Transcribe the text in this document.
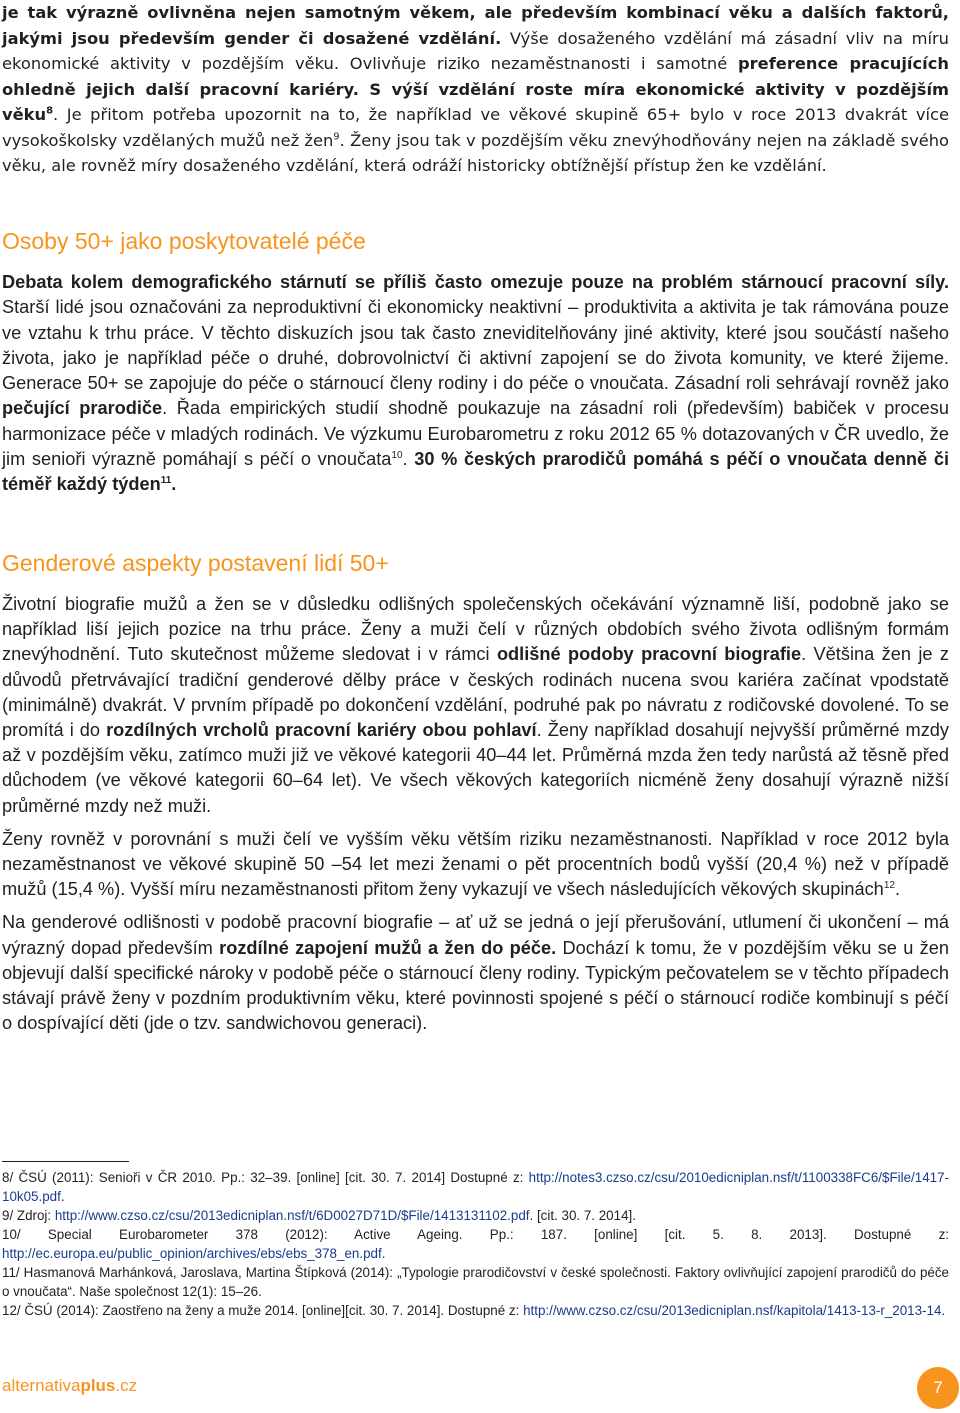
je tak výrazně ovlivněna nejen samotným věkem, ale především kombinací věku a dalších faktorů, jakými jsou především gender či dosažené vzdělání. Výše dosaženého vzdělání má zásadní vliv na míru ekonomické aktivity v pozdějším věku. Ovlivňuje riziko nezaměstnanosti i samotné preference pracujících ohledně jejich další pracovní kariéry. S výší vzdělání roste míra ekonomické aktivity v pozdějším věku$^8$. Je přitom potřeba upozornit na to, že například ve věkové skupině 65+ bylo v roce 2013 dvakrát více vysokoškolsky vzdělaných mužů než žen$^9$. Ženy jsou tak v pozdějším věku znevýhodňovány nejen na základě svého věku, ale rovněž míry dosaženého vzdělání, která odráží historicky obtížnější přístup žen ke vzdělání.

Osoby 50+ jako poskytovatelé péče

Debata kolem demografického stárnutí se příliš často omezuje pouze na problém stárnoucí pracovní síly. Starší lidé jsou označováni za neproduktivní či ekonomicky neaktivní – produktivita a aktivita je tak rámována pouze ve vztahu k trhu práce. V těchto diskuzích jsou tak často zneviditelňovány jiné aktivity, které jsou součástí našeho života, jako je například péče o druhé, dobrovolnictví či aktivní zapojení se do života komunity, ve které žijeme. Generace 50+ se zapojuje do péče o stárnoucí členy rodiny i do péče o vnoučata. Zásadní roli sehrávají rovněž jako pečující prarodiče. Řada empirických studií shodně poukazuje na zásadní roli (především) babiček v procesu harmonizace péče v mladých rodinách. Ve výzkumu Eurobarometru z roku 2012 65 % dotazovaných v ČR uvedlo, že jim senioři výrazně pomáhají s péčí o vnoučata$^{10}$. 30 % českých prarodičů pomáhá s péčí o vnoučata denně či téměř každý týden$^{11}$.

Genderové aspekty postavení lidí 50+

Životní biografie mužů a žen se v důsledku odlišných společenských očekávání významně liší, podobně jako se například liší jejich pozice na trhu práce. Ženy a muži čelí v různých obdobích svého života odlišným formám znevýhodnění. Tuto skutečnost můžeme sledovat i v rámci odlišné podoby pracovní biografie. Většina žen je z důvodů přetrvávající tradiční genderové dělby práce v českých rodinách nucena svou kariéra začínat vpodstatě (minimálně) dvakrát. V prvním případě po dokončení vzdělání, podruhé pak po návratu z rodičovské dovolené. To se promítá i do rozdílných vrcholů pracovní kariéry obou pohlaví. Ženy například dosahují nejvyšší průměrné mzdy až v pozdějším věku, zatímco muži již ve věkové kategorii 40–44 let. Průměrná mzda žen tedy narůstá až těsně před důchodem (ve věkové kategorii 60–64 let). Ve všech věkových kategoriích nicméně ženy dosahují výrazně nižší průměrné mzdy než muži.

Ženy rovněž v porovnání s muži čelí ve vyšším věku větším riziku nezaměstnanosti. Například v roce 2012 byla nezaměstnanost ve věkové skupině 50 –54 let mezi ženami o pět procentních bodů vyšší (20,4 %) než v případě mužů (15,4 %). Vyšší míru nezaměstnanosti přitom ženy vykazují ve všech následujících věkových skupinách$^{12}$.

Na genderové odlišnosti v podobě pracovní biografie – ať už se jedná o její přerušování, utlumení či ukončení – má výrazný dopad především rozdílné zapojení mužů a žen do péče. Dochází k tomu, že v pozdějším věku se u žen objevují další specifické nároky v podobě péče o stárnoucí členy rodiny. Typickým pečovatelem se v těchto případech stávají právě ženy v pozdním produktivním věku, které povinnosti spojené s péčí o stárnoucí rodiče kombinují s péčí o dospívající děti (jde o tzv. sandwichovou generaci).

8/ ČSÚ (2011): Senioři v ČR 2010. Pp.: 32–39. [online] [cit. 30. 7. 2014] Dostupné z: http://notes3.czso.cz/csu/2010edicniplan.nsf/t/1100338FC6/$File/1417-10k05.pdf.

9/ Zdroj: http://www.czso.cz/csu/2013edicniplan.nsf/t/6D0027D71D/$File/1413131102.pdf. [cit. 30. 7. 2014].

10/ Special Eurobarometer 378 (2012): Active Ageing. Pp.: 187. [online] [cit. 5. 8. 2013]. Dostupné z: http://ec.europa.eu/public_opinion/archives/ebs/ebs_378_en.pdf.

11/ Hasmanová Marhánková, Jaroslava, Martina Štípková (2014): „Typologie prarodičovství v české společnosti. Faktory ovlivňující zapojení prarodičů do péče o vnoučata“. Naše společnost 12(1): 15–26.

12/ ČSÚ (2014): Zaostřeno na ženy a muže 2014. [online][cit. 30. 7. 2014]. Dostupné z: http://www.czso.cz/csu/2013edicniplan.nsf/kapitola/1413-13-r_2013-14.

alternativaplus.cz	7
